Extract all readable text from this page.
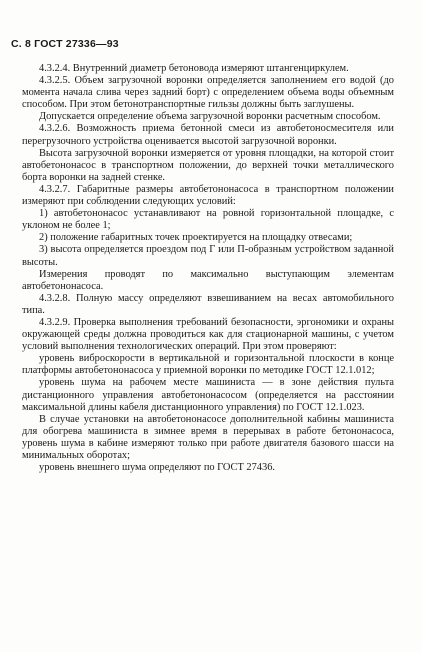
С. 8 ГОСТ 27336—93

4.3.2.4. Внутренний диаметр бетоновода измеряют штангенциркулем.

4.3.2.5. Объем загрузочной воронки определяется заполнением его водой (до момента начала слива через задний борт) с определением объема воды объемным способом. При этом бетонотранспортные гильзы должны быть заглушены.

Допускается определение объема загрузочной воронки расчетным способом.

4.3.2.6. Возможность приема бетонной смеси из автобетоносмесителя или перегрузочного устройства оценивается высотой загрузочной воронки.

Высота загрузочной воронки измеряется от уровня площадки, на которой стоит автобетононасос в транспортном положении, до верхней точки металлического борта воронки на задней стенке.

4.3.2.7. Габаритные размеры автобетононасоса в транспортном положении измеряют при соблюдении следующих условий:

1) автобетононасос устанавливают на ровной горизонтальной площадке, с уклоном не более 1;

2) положение габаритных точек проектируется на площадку отвесами;

3) высота определяется проездом под Г или П-образным устройством заданной высоты.

Измерения проводят по максимально выступающим элементам автобетононасоса.

4.3.2.8. Полную массу определяют взвешиванием на весах автомобильного типа.

4.3.2.9. Проверка выполнения требований безопасности, эргономики и охраны окружающей среды должна проводиться как для стационарной машины, с учетом условий выполнения технологических операций. При этом проверяют:

уровень виброскорости в вертикальной и горизонтальной плоскости в конце платформы автобетононасоса у приемной воронки по методике ГОСТ 12.1.012;

уровень шума на рабочем месте машиниста — в зоне действия пульта дистанционного управления автобетононасосом (определяется на расстоянии максимальной длины кабеля дистанционного управления) по ГОСТ 12.1.023.

В случае установки на автобетононасосе дополнительной кабины машиниста для обогрева машиниста в зимнее время в перерывах в работе бетононасоса, уровень шума в кабине измеряют только при работе двигателя базового шасси на минимальных оборотах;

уровень внешнего шума определяют по ГОСТ 27436.
